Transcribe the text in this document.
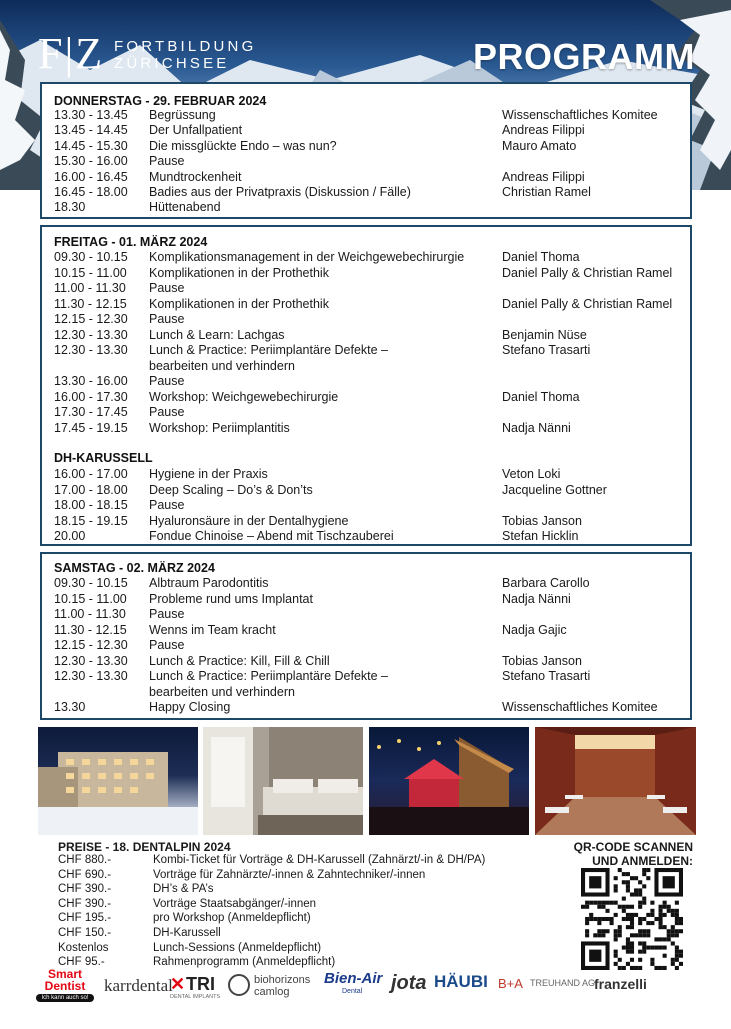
F|Z FORTBILDUNG
ZÜRICHSEE	PROGRAMM
DONNERSTAG - 29. FEBRUAR 2024
13.30 - 13.45 Begrüssung	Wissenschaftliches Komitee
13.45 - 14.45 Der Unfallpatient	Andreas Filippi
14.45 - 15.30 Die missglückte Endo – was nun?	Mauro Amato
15.30 - 16.00 Pause
16.00 - 16.45 Mundtrockenheit	Andreas Filippi
16.45 - 18.00 Badies aus der Privatpraxis (Diskussion / Fälle)	Christian Ramel
18.30	Hüttenabend
FREITAG - 01. MÄRZ 2024
09.30 - 10.15 Komplikationsmanagement in der Weichgewebechirurgie	Daniel Thoma
10.15 - 11.00 Komplikationen in der Prothethik	Daniel Pally & Christian Ramel
11.00 - 11.30 Pause
11.30 - 12.15 Komplikationen in der Prothethik	Daniel Pally & Christian Ramel
12.15 - 12.30 Pause
12.30 - 13.30 Lunch & Learn: Lachgas	Benjamin Nüse
12.30 - 13.30 Lunch & Practice: Periimplantäre Defekte –	Stefano Trasarti
bearbeiten und verhindern
13.30 - 16.00 Pause
16.00 - 17.30 Workshop: Weichgewebechirurgie	Daniel Thoma
17.30 - 17.45 Pause
17.45 - 19.15 Workshop: Periimplantitis	Nadja Nänni
DH-KARUSSELL
16.00 - 17.00 Hygiene in der Praxis	Veton Loki
17.00 - 18.00 Deep Scaling – Do’s & Don’ts	Jacqueline Gottner
18.00 - 18.15 Pause
18.15 - 19.15 Hyaluronsäure in der Dentalhygiene	Tobias Janson
20.00	Fondue Chinoise – Abend mit Tischzauberei	Stefan Hicklin
SAMSTAG - 02. MÄRZ 2024
09.30 - 10.15 Albtraum Parodontitis	Barbara Carollo
10.15 - 11.00 Probleme rund ums Implantat	Nadja Nänni
11.00 - 11.30 Pause
11.30 - 12.15 Wenns im Team kracht	Nadja Gajic
12.15 - 12.30 Pause
12.30 - 13.30 Lunch & Practice: Kill, Fill & Chill	Tobias Janson
12.30 - 13.30 Lunch & Practice: Periimplantäre Defekte –	Stefano Trasarti
bearbeiten und verhindern
13.30	Happy Closing	Wissenschaftliches Komitee
PREISE - 18. DENTALPIN 2024
CHF 880.-	Kombi-Ticket für Vorträge & DH-Karussell (Zahnärzt/-in & DH/PA)
CHF 690.-	Vorträge für Zahnärzte/-innen & Zahntechniker/-innen
CHF 390.-	DH’s & PA’s
CHF 390.-	Vorträge Staatsabgänger/-innen
CHF 195.-	pro Workshop (Anmeldepflicht)
CHF 150.-	DH-Karussell
Kostenlos	Lunch-Sessions (Anmeldepflicht)
CHF 95.-	Rahmenprogramm (Anmeldepflicht)
QR-CODE SCANNEN
UND ANMELDEN:
Smart
Dentist
Ich kann auch so!
karrdental
✕ TRI
DENTAL IMPLANTS
biohorizons
camlog
Bien-Air
Dental jota HÄUBI B+A TREUHAND AG
franzelli
